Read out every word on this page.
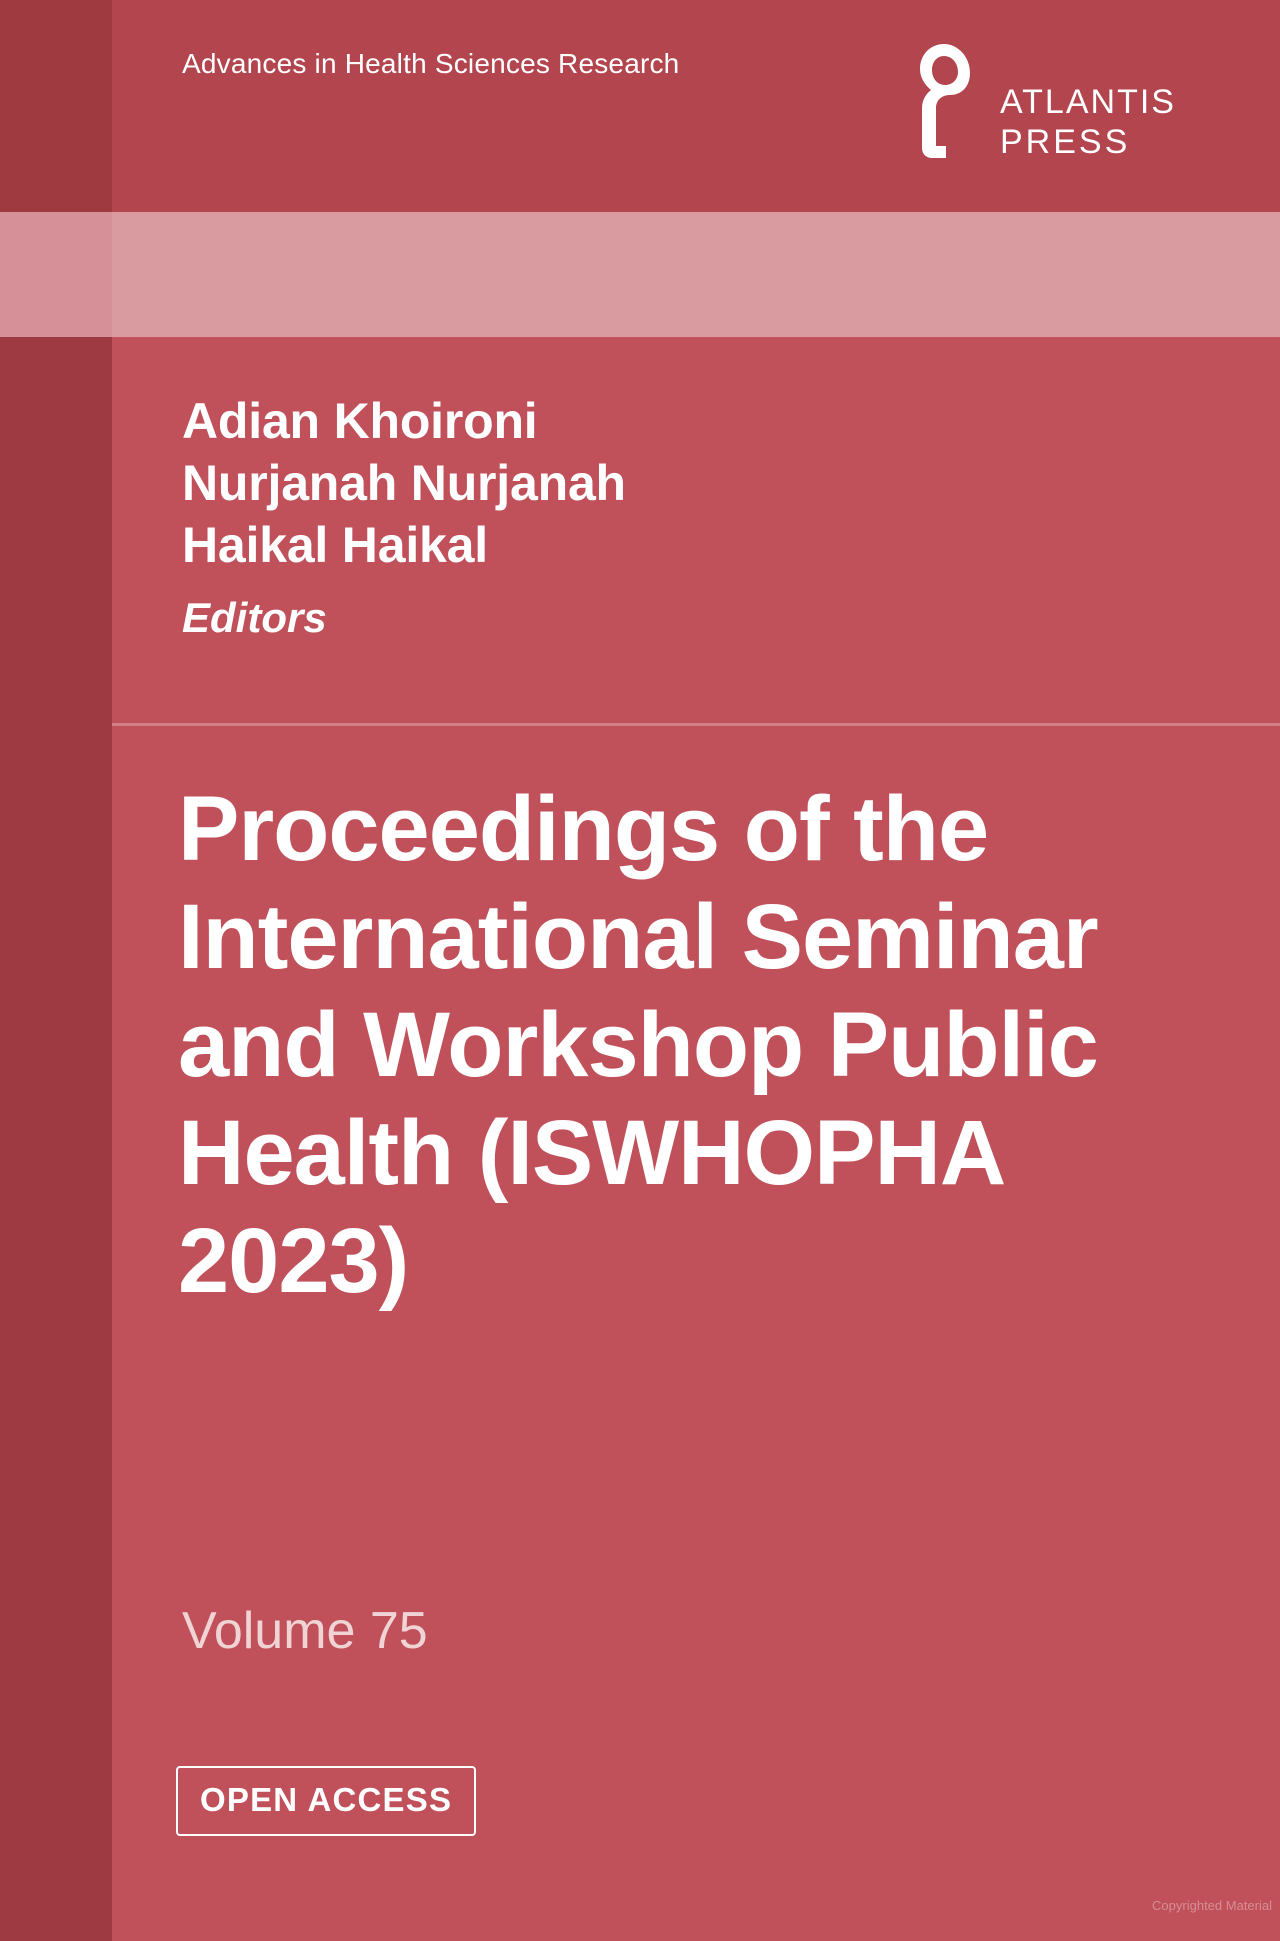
ATLANTIS
PRESS
Advances in Health Sciences Research
Adian Khoironi
Nurjanah Nurjanah
Haikal Haikal
Editors
Proceedings of the International Seminar and Workshop Public Health (ISWHOPHA 2023)
Volume 75
OPEN ACCESS
Copyrighted Material
